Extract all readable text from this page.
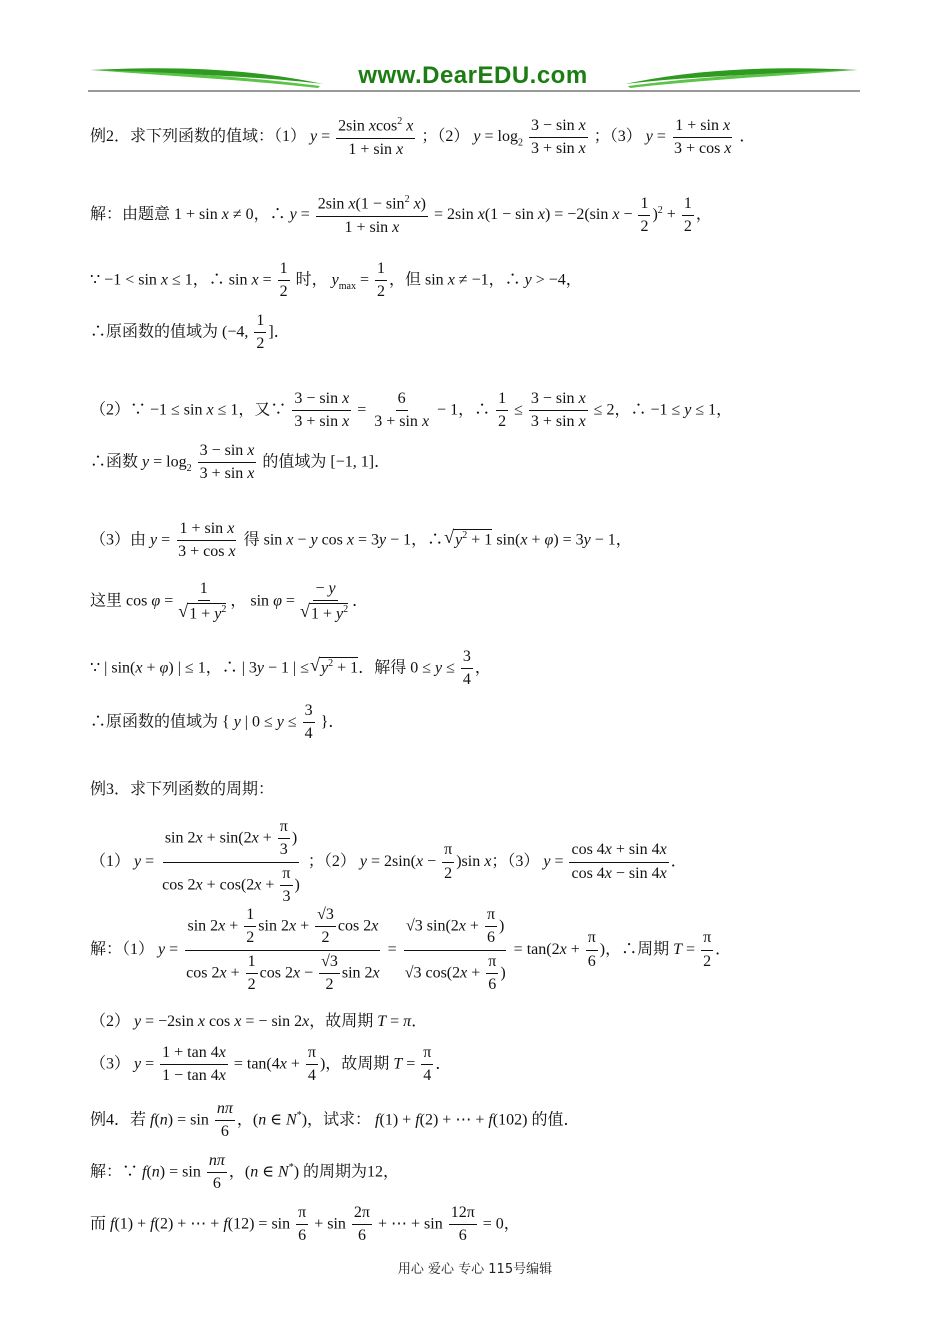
www.DearEDU.com
例2．求下列函数的值域：（1） $y = \frac{2\sin xcos^2 x}{\text{1 + sin x}}$ ；（2） $y = \log_2 \frac{\text{3 − sin x}}{\text{3 + sin x}}$ ；（3） $y = \frac{\text{1 + sin x}}{\text{3 + cos x}}$ ．
解：由题意 1 + sin x ≠ 0，∴ $y = \frac{2\sin x(1 - \sin^2 x)}{\text{1 + sin x}} = 2\sin$ x(1 − sin x) = −2(sin $x - \frac{1}{2} )^2 + \frac{1}{2}$ ，
∵ −1 < sin x ≤ 1，∴ $\sin x = \frac{1}{2}$ 时， $y_{max} = \frac{1}{2}$ ，但 sin x ≠ −1，∴ y > −4，
∴原函数的值域为 (−4, $\frac{1}{2}$ ]．
（2）∵ −1 ≤ sin x ≤ 1，又∵ $\frac{\text{3 − sin x}}{\text{3 + sin x}} = \frac{6}{\text{3 + sin x}} - 1$，∴ $\frac{1}{2} \le \frac{\text{3 − sin x}}{\text{3 + sin x}} \le 2$，∴ −1 ≤ y ≤ 1，
∴函数 $y = \log_2 \frac{\text{3 − sin x}}{\text{3 + sin x}}$ 的值域为 [−1, 1]．
（3）由 $y = \frac{\text{1 + sin x}}{\text{3 + cos x}}$ 得 sin x − y cos x = 3y − 1，∴ √ $y^2 + 1$ sin(x + φ) = 3y − 1，
这里 cos φ = 1
√ $1 + y^2$ ， sin φ = − y
√ $1 + y^2$ ．
∵ | sin(x + φ) | ≤ 1，∴ | 3y − 1 | ≤ √ $y^2 + 1$．解得 $0 \le y \le \frac{3}{4}$ ，
∴原函数的值域为 { y | $0 \le y \le \frac{3}{4}$ }．
例3．求下列函数的周期：
（1） $y = \frac{\sin 2x + \sin(2x + \frac{\pi}{3} )}{\cos 2x + \cos(2x + \frac{\pi}{3} )}$ ；（2） $y = 2\sin(x - \frac{\pi}{2} )\sin$ x；（3） $y = \frac{\cos 4x + \sin 4x}{\cos 4x - \sin 4x}$ ．
解：（1） $y = \frac{\sin 2x + \frac{1}{2} \sin 2x + \frac{√3}{2} \cos 2x}{\cos 2x + \frac{1}{2} \cos 2x - \frac{√3}{2} \sin 2x} = \frac{√3 \sin(2x + \frac{\pi}{6} )}{√3 \cos(2x + \frac{\pi}{6} )} = \tan(2x + \frac{\pi}{6}$ )，∴周期 $T = \frac{\pi}{2}$ ．
（2） y = −2sin x cos x = − sin 2x，故周期 T = π．
（3） $y = \frac{1 + \tan 4x}{1 - \tan 4x} = \tan(4x + \frac{\pi}{4}$ )，故周期 $T = \frac{\pi}{4}$ ．
例4．若 $f(n) = \sin \frac{n\pi}{6}$ ，(n ∈ N*)，试求： f(1) + f(2) + ⋯ + f(102) 的值．
解：∵ $f(n) = \sin \frac{n\pi}{6}$ ，(n ∈ N*) 的周期为12，
而 f(1) + f(2) + ⋯ + $f(12) = \sin \frac{\pi}{6} + \sin \frac{2\pi}{6}$ + ⋯ + $\sin \frac{12\pi}{6} = 0$，
用心 爱心 专心 115号编辑
